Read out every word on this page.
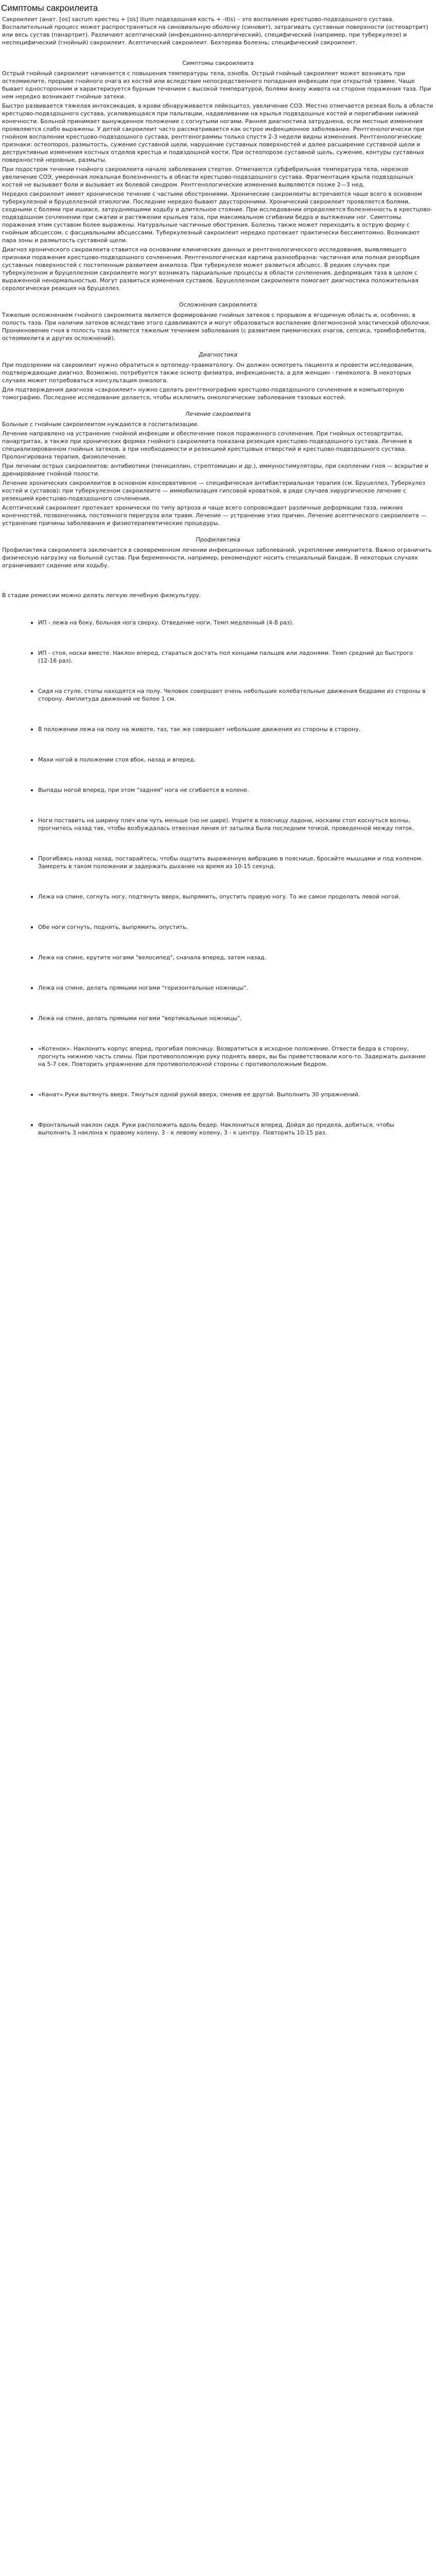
Симптомы сакроилеита

Сакроилеит (анат. [os] sacrum крестец + [os] ilium подвздошная кость + -itis) – это воспаление крестцово-подвздошного сустава. Воспалительный процесс может распространяться на синовиальную оболочку (синовит), затрагивать суставные поверхности (остеоартрит) или весь сустав (панартрит). Различают асептический (инфекционно-аллергический), специфический (например, при туберкулезе) и неспецифический (гнойный) сакроилеит. Асептический сакроилеит. Бехтерева болезнь; специфический сакроилеит.

Симптомы сакроилеита

Острый гнойный сакроилеит начинается с повышения температуры тела, озноба. Острый гнойный сакроилеит может возникать при остеомиелите, прорыве гнойного очага из костей или вследствие непосредственного попадания инфекции при открытой травме. Чаще бывает односторонним и характеризуется бурным течением с высокой температурой, болями внизу живота на стороне поражения таза. При нем нередко возникают гнойные затеки.

Быстро развивается тяжелая интоксикация, в крови обнаруживается лейкоцитоз, увеличение СОЭ. Местно отмечается резкая боль в области крестцово-подвздошного сустава, усиливающаяся при пальпации, надавливании на крылья подвздошных костей и перегибании нижней конечности. Больной принимает вынужденное положение с согнутыми ногами. Ранняя диагностика затруднена, если местные изменения проявляются слабо выражены. У детей сакроилеит часто рассматривается как острое инфекционное заболевание. Рентгенологически при гнойном воспалении крестцово-подвздошного сустава, рентгенограммы только спустя 2-3 недели видны изменения. Рентгенологические признаки: остеопороз, размытость, сужение суставной щели, нарушение суставных поверхностей и далее расширение суставной щели и деструктивные изменения костных отделов крестца и подвздошной кости. При остеопорозе суставной щель, сужение, контуры суставных поверхностей неровные, размыты.

При подостром течении гнойного сакроилеита начало заболевания стертое. Отмечаются субфебрильная температура тела, нерезкое увеличение СОЭ, умеренная локальная болезненность в области крестцово-подвздошного сустава. Фрагментация крыла подвздошных костей не вызывает боли и вызывает их болевой синдром. Рентгенологические изменения выявляются позже 2—3 нед.

Нередко сакроилеит имеет хроническое течение с частыми обострениями. Хронические сакроилеиты встречаются чаще всего в основном туберкулезной и бруцеллезной этиологии. Последние нередко бывают двусторонними. Хронический сакроилеит проявляется болями, сходными с болями при ишиасе, затрудняющими ходьбу и длительное стояние. При исследовании определяется болезненность в крестцово-подвздошном сочленении при сжатии и растяжении крыльев таза, при максимальном сгибании бедра и вытяжении ног. Симптомы поражения этим суставом более выражены. Натуральные частичные обострения. Болезнь также может переходить в острую форму с гнойным абсцессом, с фасциальными абсцессами. Туберкулезный сакроилеит нередко протекает практически бессимптомно. Возникают пара зоны и размытость суставной щели.

Диагноз хронического сакроилеита ставится на основании клинических данных и рентгенологического исследования, выявляющего признаки поражения крестцово-подвздошного сочленения. Рентгенологическая картина разнообразна: частичная или полная резорбция суставных поверхностей с постепенным развитием анкилоза. При туберкулезе может развиться абсцесс. В редких случаях при туберкулезном и бруцеллезном сакроилеите могут возникать парциальные процессы в области сочленения, деформация таза в целом с выраженной ненормальностью. Могут развиться изменения суставов. Бруцеллезном сакроилеите помогает диагностика положительная серологическая реакция на бруцеллез.

Осложнения сакроилеита

Тяжелым осложнением гнойного сакроилеита является формирование гнойных затеков с прорывом в ягодичную область и, особенно, в полость таза. При наличии затеков вследствие этого сдавливаются и могут образоваться воспаление флегмонозной эластической оболочки. Проникновение гноя в полость таза является тяжелым течением заболевания (с развитием пиемических очагов, сепсиса, тромбофлебитов, остеомиелита и других осложнений).

Диагностика

При подозрении на сакроилеит нужно обратиться к ортопеду-травматологу. Он должен осмотреть пациента и провести исследования, подтверждающие диагноз. Возможно, потребуется также осмотр физиатра, инфекциониста, а для женщин - гинеколога. В некоторых случаях может потребоваться консультация онколога.

Для подтверждения диагноза «сакроилеит» нужно сделать рентгенографию крестцово-подвздошного сочленения и компьютерную томографию. Последнее исследование делается, чтобы исключить онкологические заболевания тазовых костей.

Лечение сакроилеита

Больные с гнойным сакроилеитом нуждаются в госпитализации.

Лечение направлено на устранение гнойной инфекции и обеспечение покоя пораженного сочленения. При гнойных остеоартритах, панартритах, а также при хронических формах гнойного сакроилеита показана резекция крестцово-подвздошного сустава. Лечение в специализированном гнойных затеков, а при необходимости и резекцией крестцовых отверстий и крестцово-подвздошного сустава. Пролонгирована терапия, физиолечение.

При лечении острых сакроилеитов: антибиотики (пенициллин, стрептомицин и др.), иммуностимуляторы, при скоплении гноя — вскрытие и дренирование гнойной полости.

Лечение хронических сакроилеитов в основном консервативное — специфическая антибактериальная терапия (см. Бруцеллез, Туберкулез костей и суставов); при туберкулезном сакроилеите — иммобилизация гипсовой кроваткой, в ряде случаев хирургическое лечение с резекцией крестцово-подвздошного сочленения.

Асептический сакроилеит протекает хронически по типу артроза и чаще всего сопровождает различные деформации таза, нижних конечностей, позвоночника, постоянного перегруза или травм. Лечение — устранение этих причин. Лечение асептического сакроилеита — устранение причины заболевания и физиотерапевтические процедуры.

Профилактика

Профилактика сакроилеита заключается в своевременном лечении инфекционных заболеваний, укреплении иммунитета. Важно ограничить физическую нагрузку на больной сустав. При беременности, например, рекомендуют носить специальный бандаж. В некоторых случаях ограничивают сидение или ходьбу.

В стадии ремиссии можно делать легкую лечебную физкультуру.

ИП - лежа на боку, больная нога сверху. Отведение ноги. Темп медленный (4-8 раз).

ИП - стоя, носки вместе. Наклон вперед, стараться достать пол концами пальцев или ладонями. Темп средний до быстрого (12-16 раз).

Сидя на стуле, стопы находятся на полу. Человек совершает очень небольшие колебательные движения бедрами из стороны в сторону. Амплитуда движений не более 1 см.

В положении лежа на полу на животе, таз, так же совершает небольшие движения из стороны в сторону.

Махи ногой в положении стоя вбок, назад и вперед.

Выпады ногой вперед, при этом "задняя" нога не сгибается в колене.

Ноги поставить на ширину плеч или чуть меньше (но не шире). Уприте в поясницу ладони, носками стоп коснуться волны, прогнитесь назад так, чтобы возбуждалась отвесная линия от затылка была последним точкой, проведенной между пяток.

Прогибаясь назад назад, постарайтесь, чтобы ощутить выраженную вибрацию в пояснице, бросайте мышцами и под коленом. Замереть в таком положении и задержать дыхание на время из 10-15 секунд.

Лежа на спине, согнуть ногу, подтянуть вверх, выпрямить, опустить правую ногу. То же самое проделать левой ногой.

Обе ноги согнуть, поднять, выпрямить, опустить.

Лежа на спине, крутите ногами "велосипед", сначала вперед, затем назад.

Лежа на спине, делать прямыми ногами "горизонтальные ножницы".

Лежа на спине, делать прямыми ногами "вертикальные ножницы".

«Котенок». Наклонить корпус вперед, прогибая поясницу. Возвратиться в исходное положение. Отвести бедра в сторону, прогнуть нижнюю часть спины. При противоположную руку поднять вверх, вы бы приветствовали кого-то. Задержать дыхание на 5-7 сек. Повторить упражнение для противоположной стороны с противоположным бедром.

«Канат».Руки вытянуть вверх. Тянуться одной рукой вверх, сменив ее другой. Выполнить 30 упражнений.

Фронтальный наклон сидя. Руки расположить вдоль бедер. Наклониться вперед. Дойдя до предела, добиться, чтобы выполнить 3 наклона к правому колену, 3 - к левому колену, 3 - к центру. Повторить 10-15 раз.
